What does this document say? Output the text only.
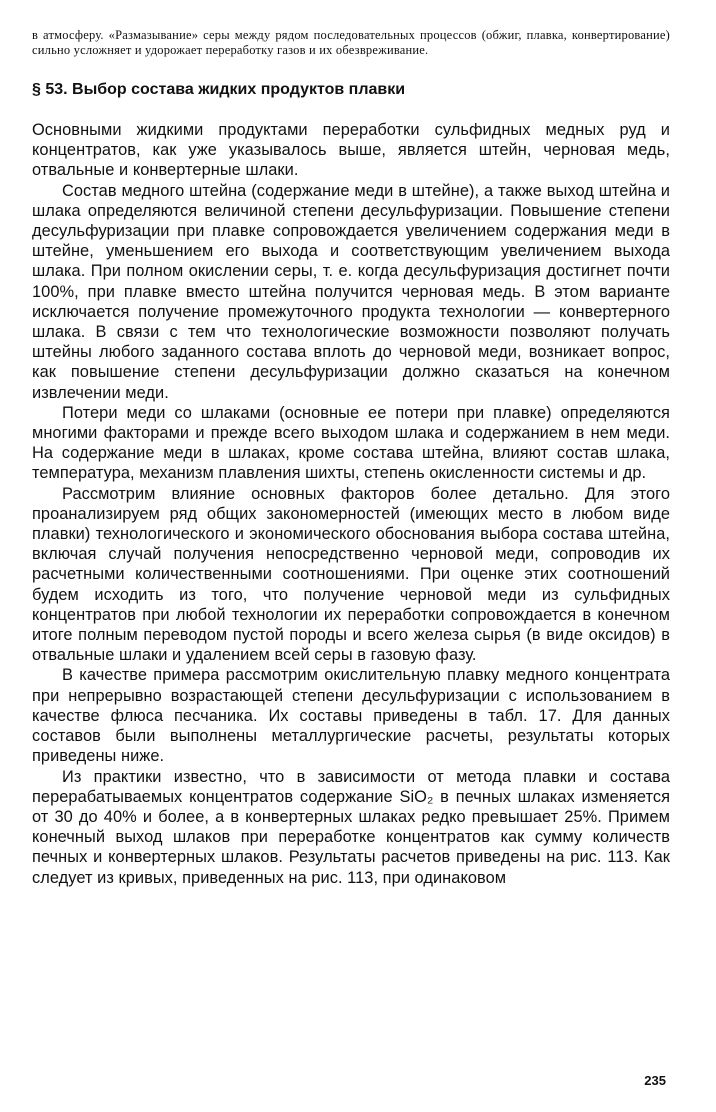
в атмосферу. «Размазывание» серы между рядом последовательных процессов (обжиг, плавка, конвертирование) сильно усложняет и удорожает переработку газов и их обезвреживание.

§ 53. Выбор состава жидких продуктов плавки

Основными жидкими продуктами переработки сульфидных медных руд и концентратов, как уже указывалось выше, является штейн, черновая медь, отвальные и конвертерные шлаки.

Состав медного штейна (содержание меди в штейне), а также выход штейна и шлака определяются величиной степени десульфуризации. Повышение степени десульфуризации при плавке сопровождается увеличением содержания меди в штейне, уменьшением его выхода и соответствующим увеличением выхода шлака. При полном окислении серы, т. е. когда десульфуризация достигнет почти 100%, при плавке вместо штейна получится черновая медь. В этом варианте исключается получение промежуточного продукта технологии — конвертерного шлака. В связи с тем что технологические возможности позволяют получать штейны любого заданного состава вплоть до черновой меди, возникает вопрос, как повышение степени десульфуризации должно сказаться на конечном извлечении меди.

Потери меди со шлаками (основные ее потери при плавке) определяются многими факторами и прежде всего выходом шлака и содержанием в нем меди. На содержание меди в шлаках, кроме состава штейна, влияют состав шлака, температура, механизм плавления шихты, степень окисленности системы и др.

Рассмотрим влияние основных факторов более детально. Для этого проанализируем ряд общих закономерностей (имеющих место в любом виде плавки) технологического и экономического обоснования выбора состава штейна, включая случай получения непосредственно черновой меди, сопроводив их расчетными количественными соотношениями. При оценке этих соотношений будем исходить из того, что получение черновой меди из сульфидных концентратов при любой технологии их переработки сопровождается в конечном итоге полным переводом пустой породы и всего железа сырья (в виде оксидов) в отвальные шлаки и удалением всей серы в газовую фазу.

В качестве примера рассмотрим окислительную плавку медного концентрата при непрерывно возрастающей степени десульфуризации с использованием в качестве флюса песчаника. Их составы приведены в табл. 17. Для данных составов были выполнены металлургические расчеты, результаты которых приведены ниже.

Из практики известно, что в зависимости от метода плавки и состава перерабатываемых концентратов содержание SiO₂ в печных шлаках изменяется от 30 до 40% и более, а в конвертерных шлаках редко превышает 25%. Примем конечный выход шлаков при переработке концентратов как сумму количеств печных и конвертерных шлаков. Результаты расчетов приведены на рис. 113. Как следует из кривых, приведенных на рис. 113, при одинаковом

235
